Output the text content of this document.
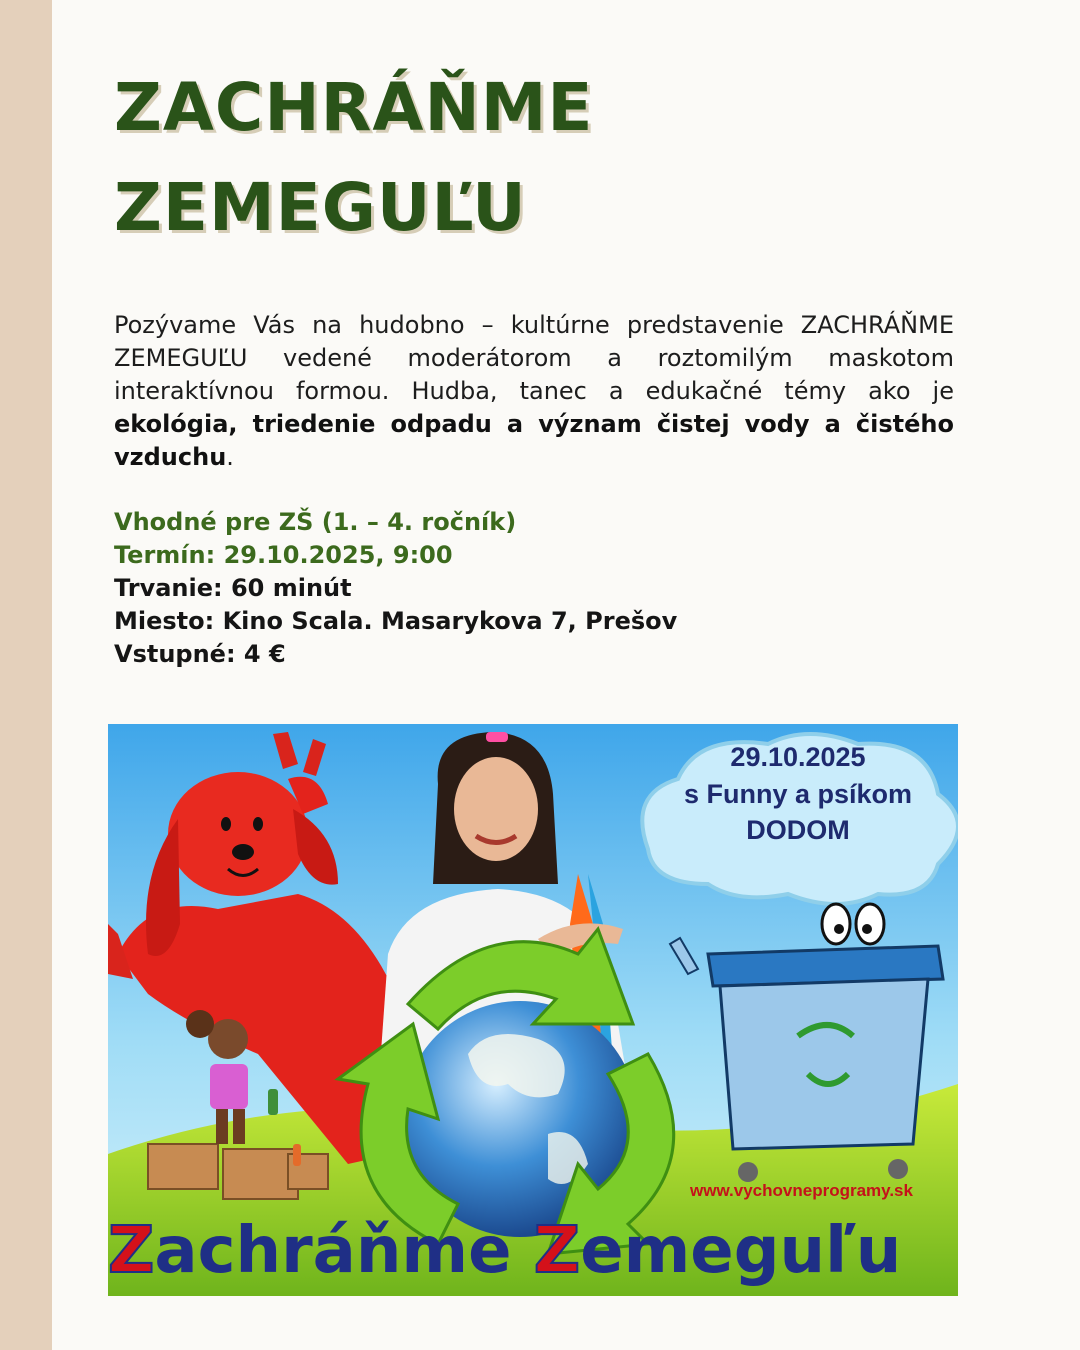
ZACHRÁŇME
ZEMEGUĽU

Pozývame Vás na hudobno – kultúrne predstavenie ZACHRÁŇME ZEMEGUĽU vedené moderátorom a roztomilým maskotom interaktívnou formou. Hudba, tanec a edukačné témy ako je ekológia, triedenie odpadu a význam čistej vody a čistého vzduchu.

Vhodné pre ZŠ (1. – 4. ročník)
Termín: 29.10.2025, 9:00
Trvanie: 60 minút
Miesto: Kino Scala. Masarykova 7, Prešov
Vstupné: 4 €
29.10.2025
s Funny a psíkom
DODOM
www.vychovneprogramy.sk
Zachráňme Zemeguľu
